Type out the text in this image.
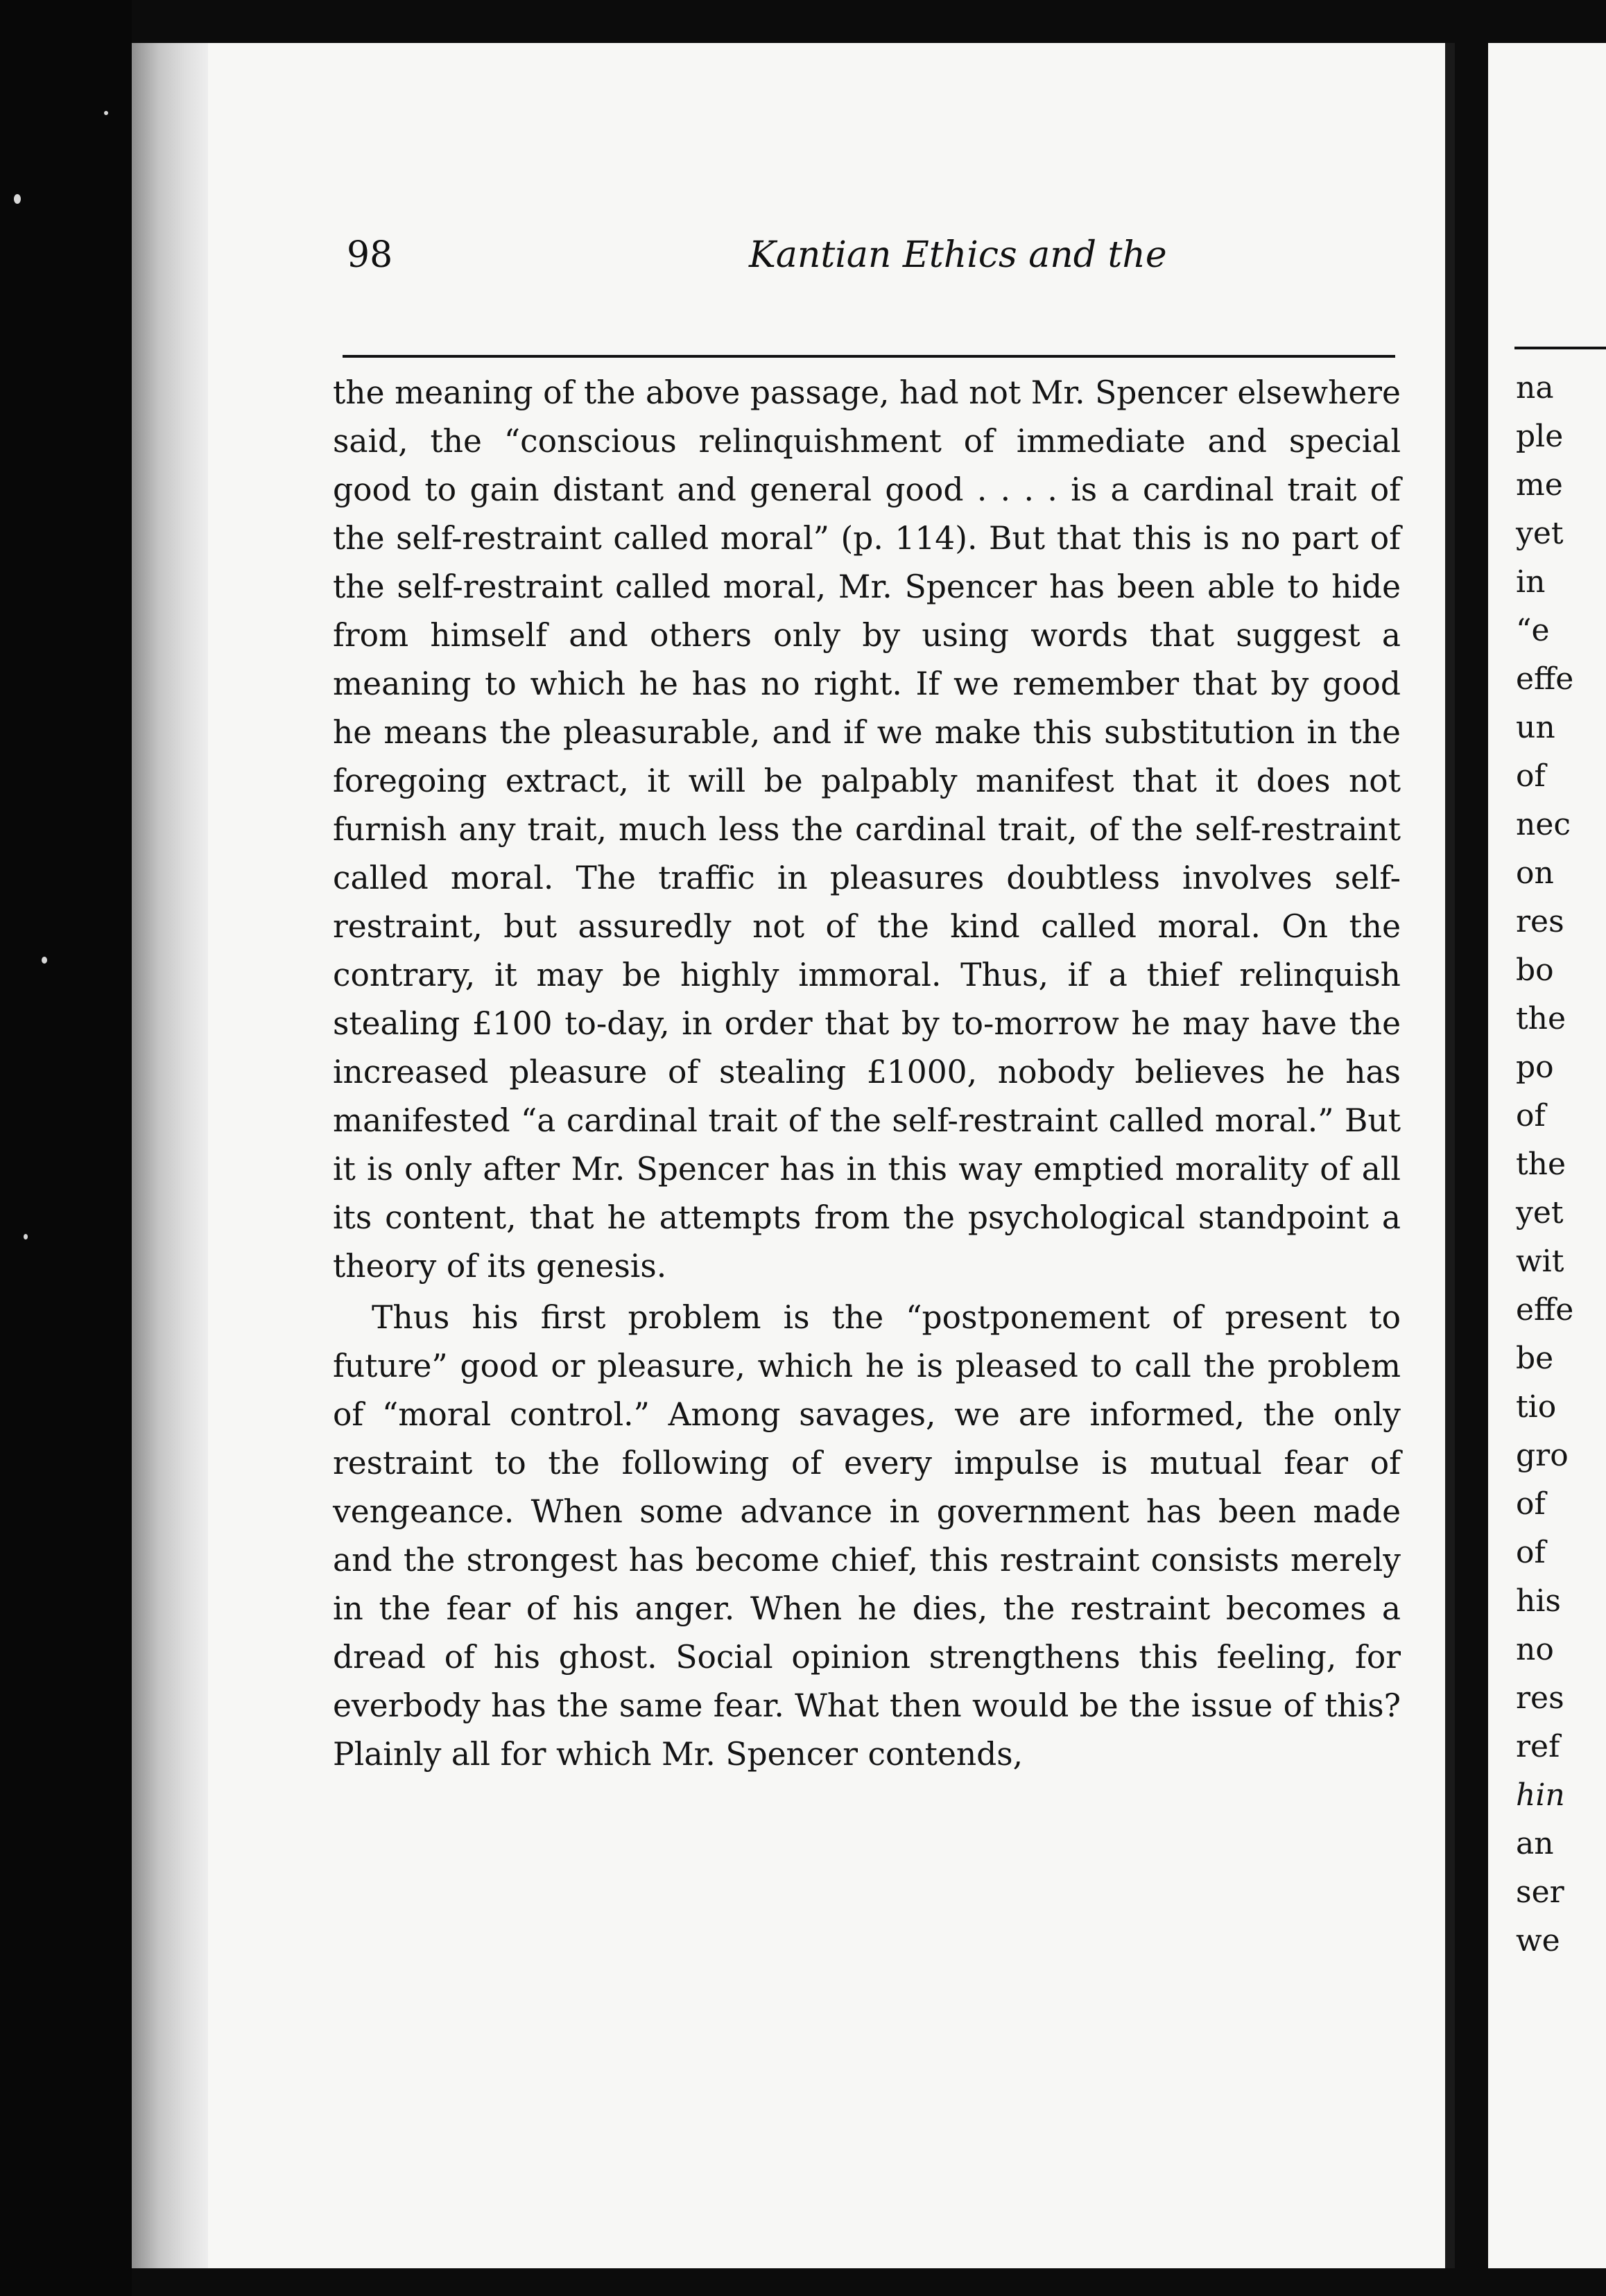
98	Kantian Ethics and the

the meaning of the above passage, had not Mr. Spencer elsewhere said, the “conscious relinquishment of immediate and special good to gain distant and general good . . . . is a cardinal trait of the self-restraint called moral” (p. 114). But that this is no part of the self-restraint called moral, Mr. Spencer has been able to hide from himself and others only by using words that suggest a meaning to which he has no right. If we remember that by good he means the pleasurable, and if we make this substitution in the foregoing extract, it will be palpably manifest that it does not furnish any trait, much less the cardinal trait, of the self-restraint called moral. The traffic in pleasures doubtless involves self-restraint, but assuredly not of the kind called moral. On the contrary, it may be highly immoral. Thus, if a thief relinquish stealing £100 to-day, in order that by to-morrow he may have the increased pleasure of stealing £1000, nobody believes he has manifested “a cardinal trait of the self-restraint called moral.” But it is only after Mr. Spencer has in this way emptied morality of all its content, that he attempts from the psychological standpoint a theory of its genesis.

Thus his first problem is the “postponement of present to future” good or pleasure, which he is pleased to call the problem of “moral control.” Among savages, we are informed, the only restraint to the following of every impulse is mutual fear of vengeance. When some advance in government has been made and the strongest has become chief, this restraint consists merely in the fear of his anger. When he dies, the restraint becomes a dread of his ghost. Social opinion strengthens this feeling, for everbody has the same fear. What then would be the issue of this? Plainly all for which Mr. Spencer contends,

na
ple
me
yet
in
“e
effe
un
of
nec
on
res
bo
the
po
of
the
yet
wit
effe
be
tio
gro
of
of
his
no
res
ref
hin
an
ser
we
